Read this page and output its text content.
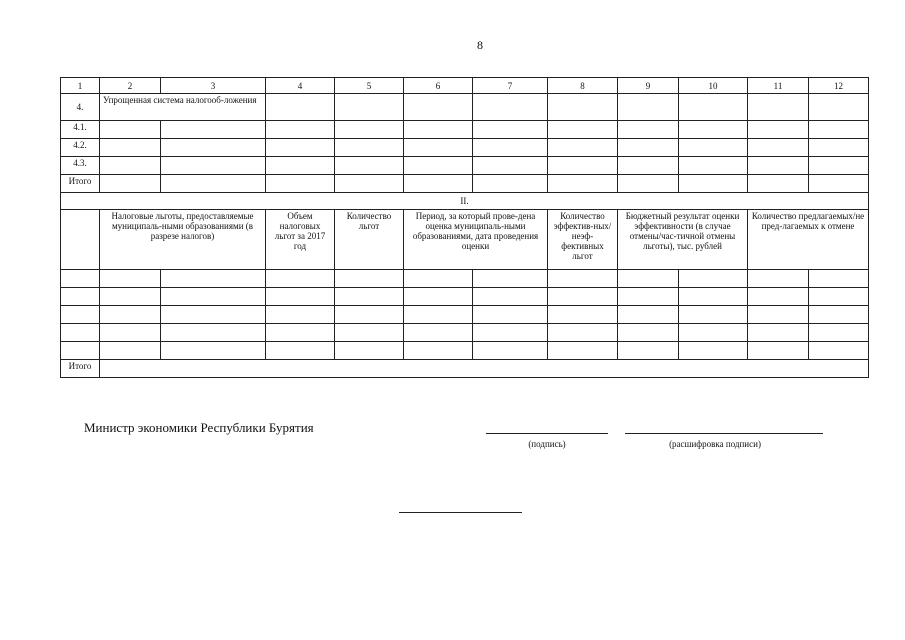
8
1	2	3	4	5	6	7	8	9	10	11	12
4.	Упрощенная система налогооб-ложения										
4.1.											
4.2.											
4.3.											
Итого											
II.											
	Налоговые льготы, предоставляемые муниципаль-ными образованиями (в разрезе налогов)		Объем налоговых льгот за 2017 год	Количество льгот	Период, за который прове-дена оценка муниципаль-ными образованиями, дата проведения оценки		Количество эффектив-ных/неэф-фективных льгот	Бюджетный результат оценки эффективности (в случае отмены/час-тичной отмены льготы), тыс. рублей		Количество предлагаемых/не пред-лагаемых к отмене	

Итого											
Министр экономики Республики Бурятия
(подпись)	(расшифровка подписи)
